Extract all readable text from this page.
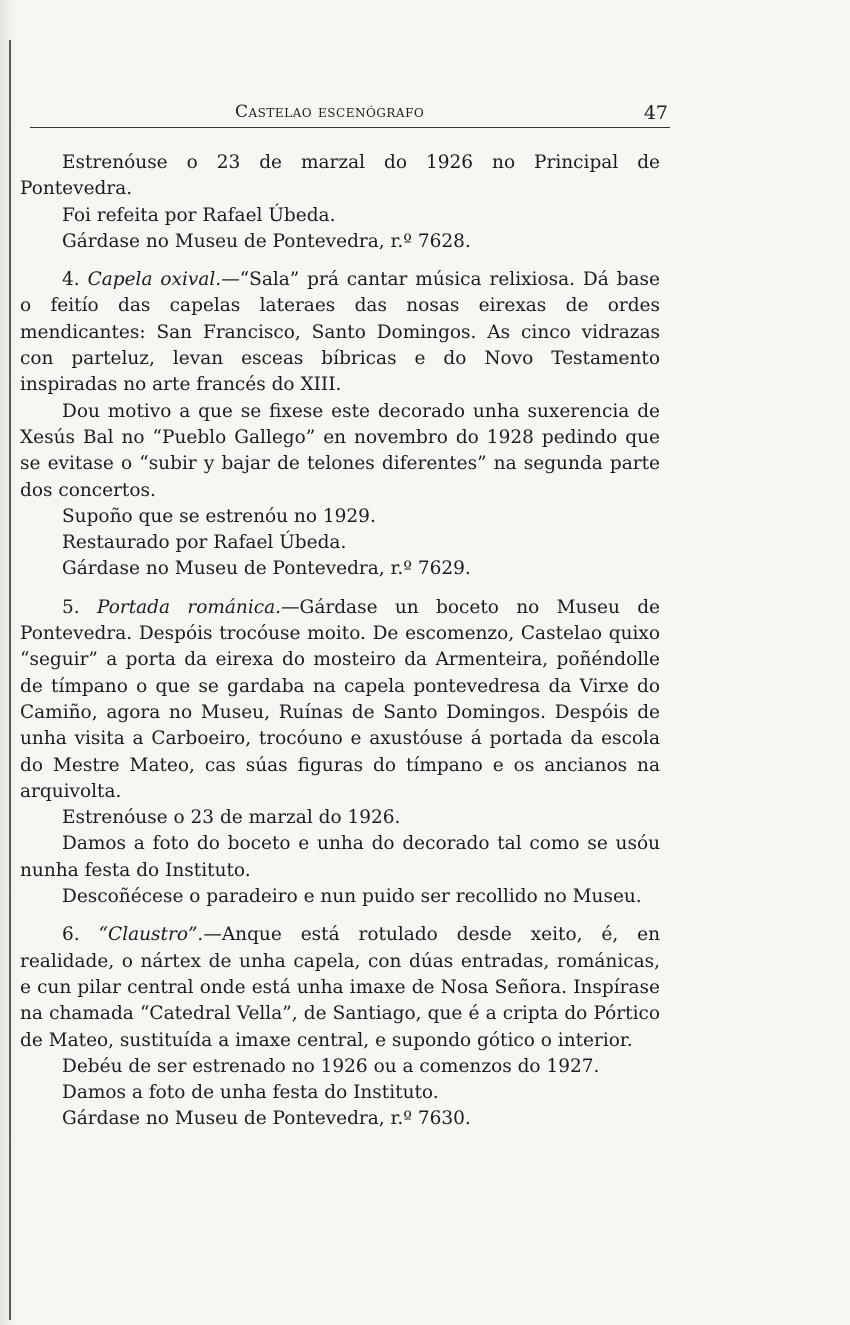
Castelao escenógrafo	47

Estrenóuse o 23 de marzal do 1926 no Principal de Pontevedra.

Foi refeita por Rafael Úbeda.

Gárdase no Museu de Pontevedra, r.º 7628.

4. Capela oxival.—“Sala” prá cantar música relixiosa. Dá base o feitío das capelas lateraes das nosas eirexas de ordes mendicantes: San Francisco, Santo Domingos. As cinco vidrazas con parteluz, levan esceas bíbricas e do Novo Testamento inspiradas no arte francés do XIII.

Dou motivo a que se fixese este decorado unha suxerencia de Xesús Bal no “Pueblo Gallego” en novembro do 1928 pedindo que se evitase o “subir y bajar de telones diferentes” na segunda parte dos concertos.

Supoño que se estrenóu no 1929.

Restaurado por Rafael Úbeda.

Gárdase no Museu de Pontevedra, r.º 7629.

5. Portada románica.—Gárdase un boceto no Museu de Pontevedra. Despóis trocóuse moito. De escomenzo, Castelao quixo “seguir” a porta da eirexa do mosteiro da Armenteira, poñéndolle de tímpano o que se gardaba na capela pontevedresa da Virxe do Camiño, agora no Museu, Ruínas de Santo Domingos. Despóis de unha visita a Carboeiro, trocóuno e axustóuse á portada da escola do Mestre Mateo, cas súas figuras do tímpano e os ancianos na arquivolta.

Estrenóuse o 23 de marzal do 1926.

Damos a foto do boceto e unha do decorado tal como se usóu nunha festa do Instituto.

Descoñécese o paradeiro e nun puido ser recollido no Museu.

6. “Claustro”.—Anque está rotulado desde xeito, é, en realidade, o nártex de unha capela, con dúas entradas, románicas, e cun pilar central onde está unha imaxe de Nosa Señora. Inspírase na chamada “Catedral Vella”, de Santiago, que é a cripta do Pórtico de Mateo, sustituída a imaxe central, e supondo gótico o interior.

Debéu de ser estrenado no 1926 ou a comenzos do 1927.

Damos a foto de unha festa do Instituto.

Gárdase no Museu de Pontevedra, r.º 7630.
